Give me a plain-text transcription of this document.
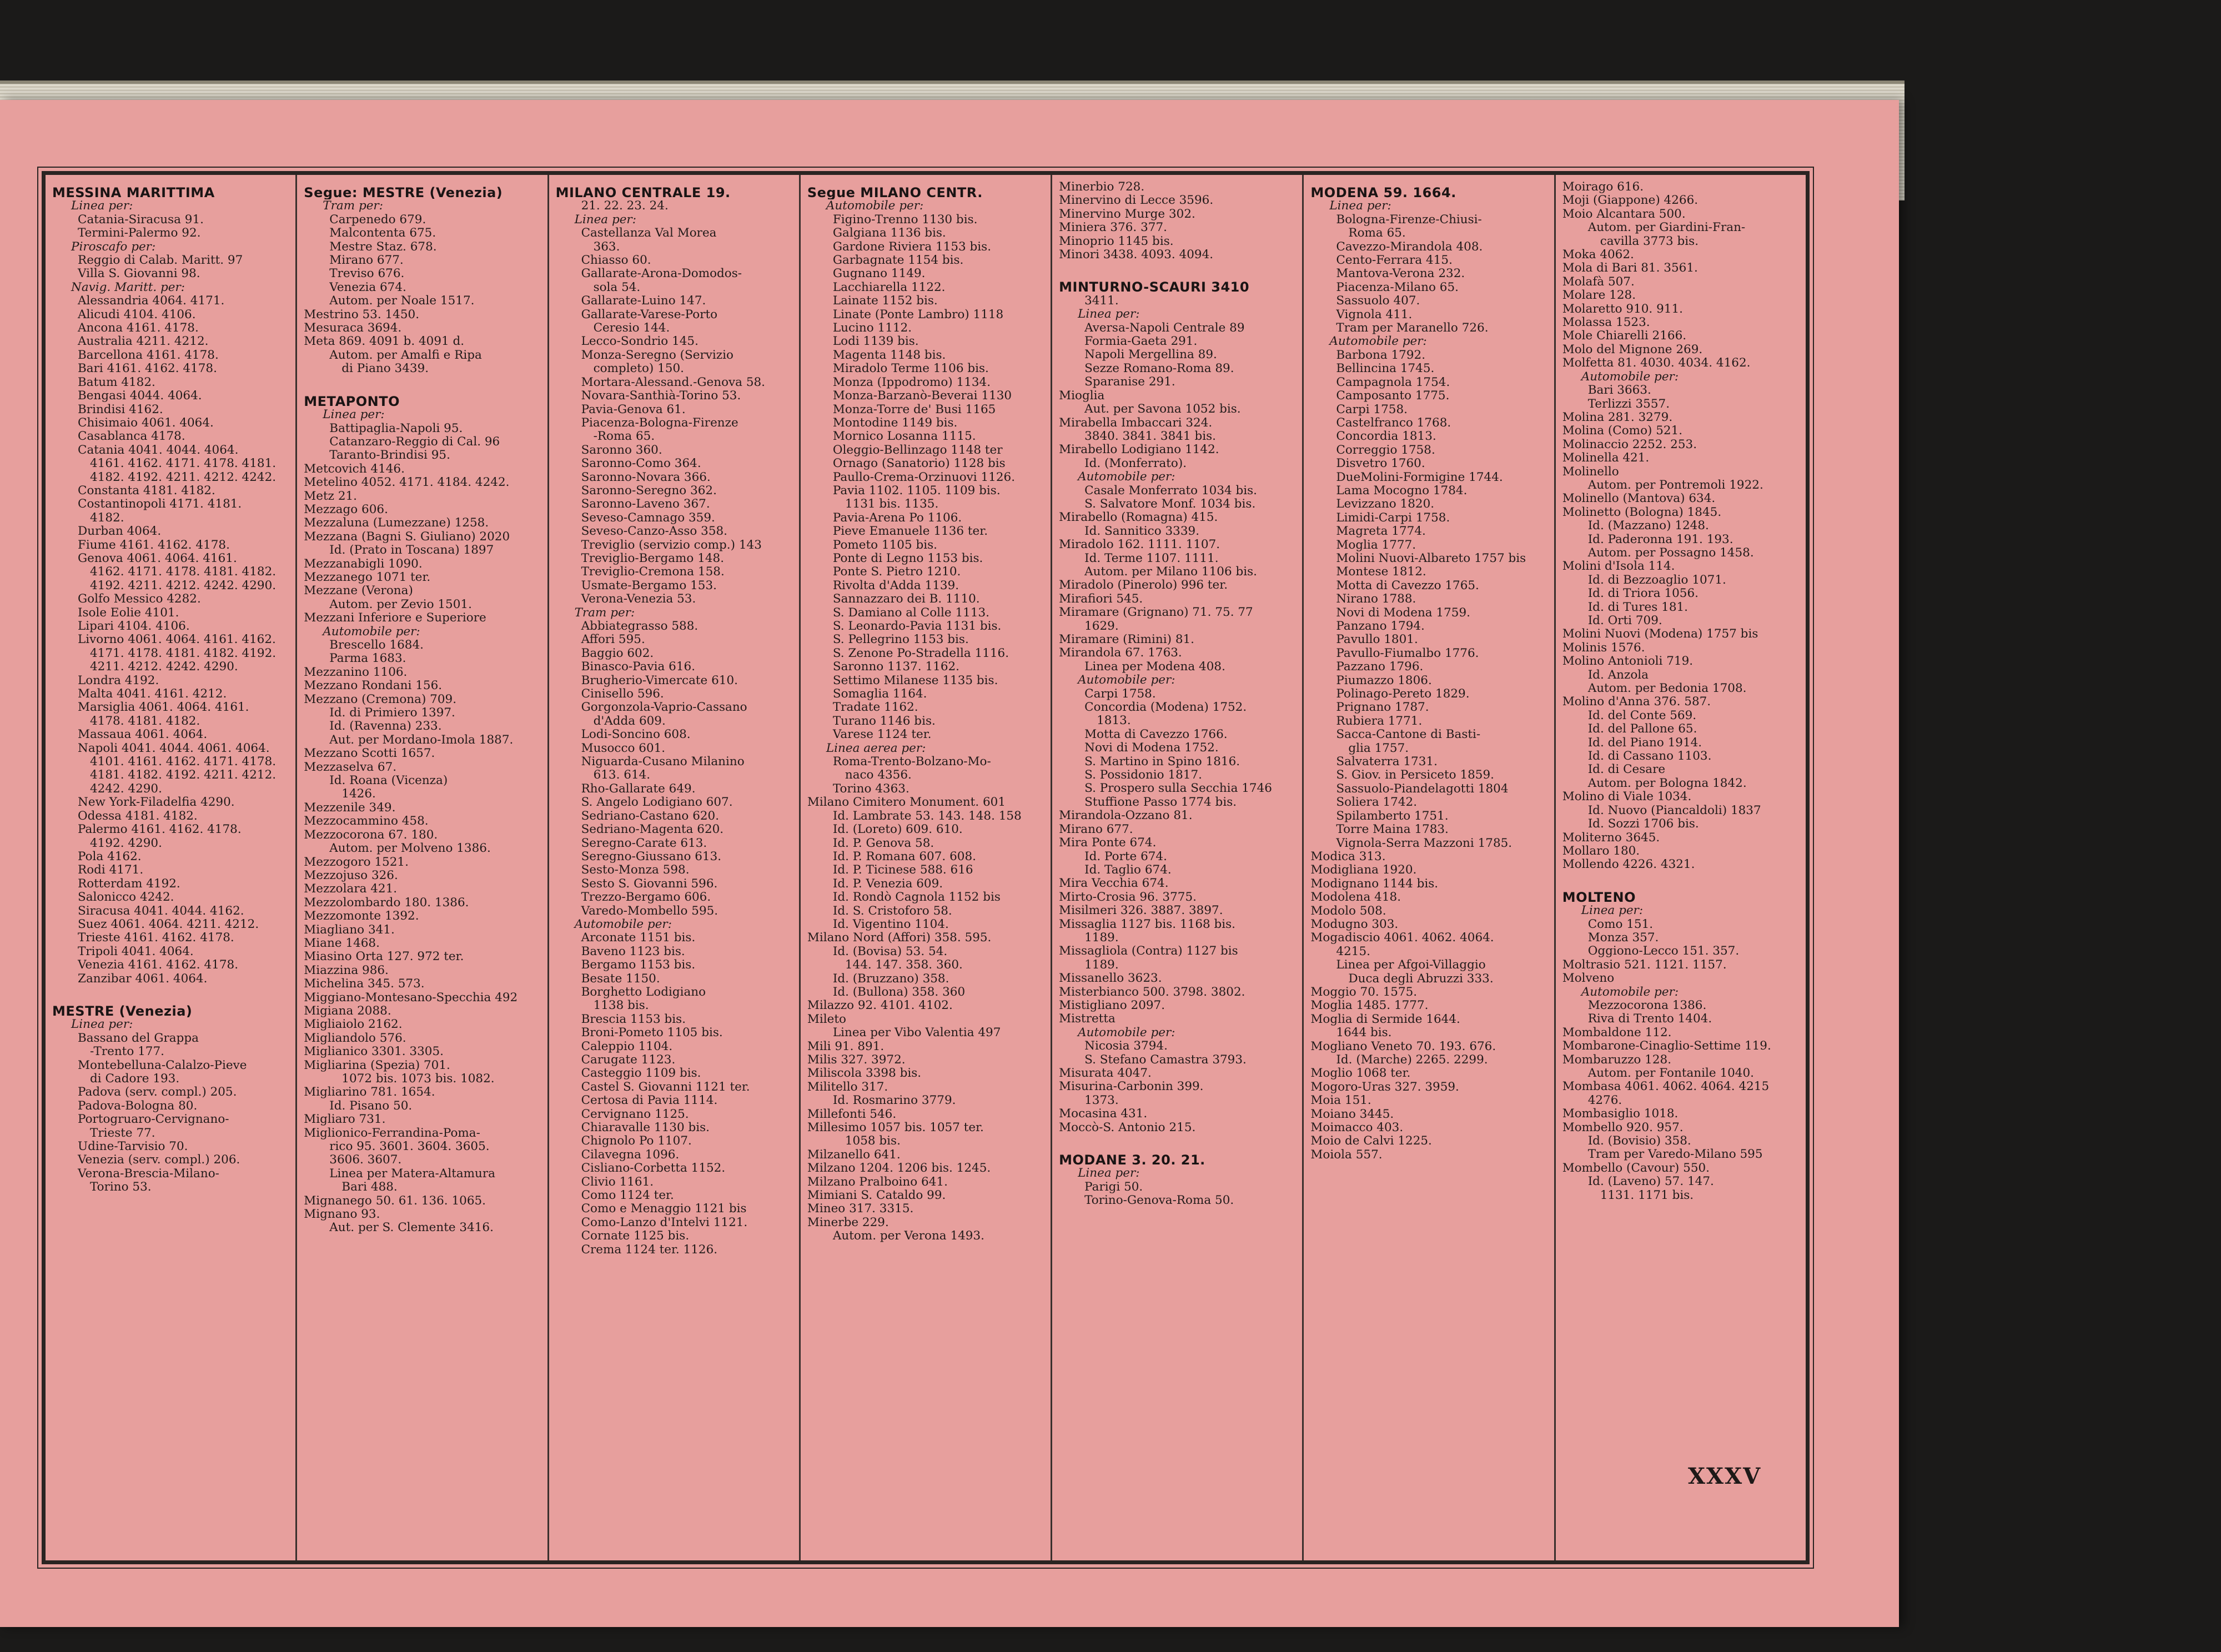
MESSINA MARITTIMA
Linea per:
Catania-Siracusa 91.
Termini-Palermo 92.
Piroscafo per:
Reggio di Calab. Maritt. 97
Villa S. Giovanni 98.
Navig. Maritt. per:
Alessandria 4064. 4171.
Alicudi 4104. 4106.
Ancona 4161. 4178.
Australia 4211. 4212.
Barcellona 4161. 4178.
Bari 4161. 4162. 4178.
Batum 4182.
Bengasi 4044. 4064.
Brindisi 4162.
Chisimaio 4061. 4064.
Casablanca 4178.
Catania 4041. 4044. 4064.
4161. 4162. 4171. 4178. 4181.
4182. 4192. 4211. 4212. 4242.
Constanta 4181. 4182.
Costantinopoli 4171. 4181.
4182.
Durban 4064.
Fiume 4161. 4162. 4178.
Genova 4061. 4064. 4161.
4162. 4171. 4178. 4181. 4182.
4192. 4211. 4212. 4242. 4290.
Golfo Messico 4282.
Isole Eolie 4101.
Lipari 4104. 4106.
Livorno 4061. 4064. 4161. 4162.
4171. 4178. 4181. 4182. 4192.
4211. 4212. 4242. 4290.
Londra 4192.
Malta 4041. 4161. 4212.
Marsiglia 4061. 4064. 4161.
4178. 4181. 4182.
Massaua 4061. 4064.
Napoli 4041. 4044. 4061. 4064.
4101. 4161. 4162. 4171. 4178.
4181. 4182. 4192. 4211. 4212.
4242. 4290.
New York-Filadelfia 4290.
Odessa 4181. 4182.
Palermo 4161. 4162. 4178.
4192. 4290.
Pola 4162.
Rodi 4171.
Rotterdam 4192.
Salonicco 4242.
Siracusa 4041. 4044. 4162.
Suez 4061. 4064. 4211. 4212.
Trieste 4161. 4162. 4178.
Tripoli 4041. 4064.
Venezia 4161. 4162. 4178.
Zanzibar 4061. 4064.
MESTRE (Venezia)
Linea per:
Bassano del Grappa
-Trento 177.
Montebelluna-Calalzo-Pieve
di Cadore 193.
Padova (serv. compl.) 205.
Padova-Bologna 80.
Portogruaro-Cervignano-
Trieste 77.
Udine-Tarvisio 70.
Venezia (serv. compl.) 206.
Verona-Brescia-Milano-
Torino 53.
Segue: MESTRE (Venezia)
Tram per:
Carpenedo 679.
Malcontenta 675.
Mestre Staz. 678.
Mirano 677.
Treviso 676.
Venezia 674.
Autom. per Noale 1517.
Mestrino 53. 1450.
Mesuraca 3694.
Meta 869. 4091 b. 4091 d.
Autom. per Amalfi e Ripa
di Piano 3439.
METAPONTO
Linea per:
Battipaglia-Napoli 95.
Catanzaro-Reggio di Cal. 96
Taranto-Brindisi 95.
Metcovich 4146.
Metelino 4052. 4171. 4184. 4242.
Metz 21.
Mezzago 606.
Mezzaluna (Lumezzane) 1258.
Mezzana (Bagni S. Giuliano) 2020
Id. (Prato in Toscana) 1897
Mezzanabigli 1090.
Mezzanego 1071 ter.
Mezzane (Verona)
Autom. per Zevio 1501.
Mezzani Inferiore e Superiore
Automobile per:
Brescello 1684.
Parma 1683.
Mezzanino 1106.
Mezzano Rondani 156.
Mezzano (Cremona) 709.
Id. di Primiero 1397.
Id. (Ravenna) 233.
Aut. per Mordano-Imola 1887.
Mezzano Scotti 1657.
Mezzaselva 67.
Id. Roana (Vicenza)
1426.
Mezzenile 349.
Mezzocammino 458.
Mezzocorona 67. 180.
Autom. per Molveno 1386.
Mezzogoro 1521.
Mezzojuso 326.
Mezzolara 421.
Mezzolombardo 180. 1386.
Mezzomonte 1392.
Miagliano 341.
Miane 1468.
Miasino Orta 127. 972 ter.
Miazzina 986.
Michelina 345. 573.
Miggiano-Montesano-Specchia 492
Migiana 2088.
Migliaiolo 2162.
Migliandolo 576.
Miglianico 3301. 3305.
Migliarina (Spezia) 701.
1072 bis. 1073 bis. 1082.
Migliarino 781. 1654.
Id. Pisano 50.
Migliaro 731.
Miglionico-Ferrandina-Poma-
rico 95. 3601. 3604. 3605.
3606. 3607.
Linea per Matera-Altamura
Bari 488.
Mignanego 50. 61. 136. 1065.
Mignano 93.
Aut. per S. Clemente 3416.
MILANO CENTRALE 19.
21. 22. 23. 24.
Linea per:
Castellanza Val Morea
363.
Chiasso 60.
Gallarate-Arona-Domodos-
sola 54.
Gallarate-Luino 147.
Gallarate-Varese-Porto
Ceresio 144.
Lecco-Sondrio 145.
Monza-Seregno (Servizio
completo) 150.
Mortara-Alessand.-Genova 58.
Novara-Santhià-Torino 53.
Pavia-Genova 61.
Piacenza-Bologna-Firenze
-Roma 65.
Saronno 360.
Saronno-Como 364.
Saronno-Novara 366.
Saronno-Seregno 362.
Saronno-Laveno 367.
Seveso-Camnago 359.
Seveso-Canzo-Asso 358.
Treviglio (servizio comp.) 143
Treviglio-Bergamo 148.
Treviglio-Cremona 158.
Usmate-Bergamo 153.
Verona-Venezia 53.
Tram per:
Abbiategrasso 588.
Affori 595.
Baggio 602.
Binasco-Pavia 616.
Brugherio-Vimercate 610.
Cinisello 596.
Gorgonzola-Vaprio-Cassano
d'Adda 609.
Lodi-Soncino 608.
Musocco 601.
Niguarda-Cusano Milanino
613. 614.
Rho-Gallarate 649.
S. Angelo Lodigiano 607.
Sedriano-Castano 620.
Sedriano-Magenta 620.
Seregno-Carate 613.
Seregno-Giussano 613.
Sesto-Monza 598.
Sesto S. Giovanni 596.
Trezzo-Bergamo 606.
Varedo-Mombello 595.
Automobile per:
Arconate 1151 bis.
Baveno 1123 bis.
Bergamo 1153 bis.
Besate 1150.
Borghetto Lodigiano
1138 bis.
Brescia 1153 bis.
Broni-Pometo 1105 bis.
Caleppio 1104.
Carugate 1123.
Casteggio 1109 bis.
Castel S. Giovanni 1121 ter.
Certosa di Pavia 1114.
Cervignano 1125.
Chiaravalle 1130 bis.
Chignolo Po 1107.
Cilavegna 1096.
Cisliano-Corbetta 1152.
Clivio 1161.
Como 1124 ter.
Como e Menaggio 1121 bis
Como-Lanzo d'Intelvi 1121.
Cornate 1125 bis.
Crema 1124 ter. 1126.
Segue MILANO CENTR.
Automobile per:
Figino-Trenno 1130 bis.
Galgiana 1136 bis.
Gardone Riviera 1153 bis.
Garbagnate 1154 bis.
Gugnano 1149.
Lacchiarella 1122.
Lainate 1152 bis.
Linate (Ponte Lambro) 1118
Lucino 1112.
Lodi 1139 bis.
Magenta 1148 bis.
Miradolo Terme 1106 bis.
Monza (Ippodromo) 1134.
Monza-Barzanò-Beverai 1130
Monza-Torre de' Busi 1165
Montodine 1149 bis.
Mornico Losanna 1115.
Oleggio-Bellinzago 1148 ter
Ornago (Sanatorio) 1128 bis
Paullo-Crema-Orzinuovi 1126.
Pavia 1102. 1105. 1109 bis.
1131 bis. 1135.
Pavia-Arena Po 1106.
Pieve Emanuele 1136 ter.
Pometo 1105 bis.
Ponte di Legno 1153 bis.
Ponte S. Pietro 1210.
Rivolta d'Adda 1139.
Sannazzaro dei B. 1110.
S. Damiano al Colle 1113.
S. Leonardo-Pavia 1131 bis.
S. Pellegrino 1153 bis.
S. Zenone Po-Stradella 1116.
Saronno 1137. 1162.
Settimo Milanese 1135 bis.
Somaglia 1164.
Tradate 1162.
Turano 1146 bis.
Varese 1124 ter.
Linea aerea per:
Roma-Trento-Bolzano-Mo-
naco 4356.
Torino 4363.
Milano Cimitero Monument. 601
Id. Lambrate 53. 143. 148. 158
Id. (Loreto) 609. 610.
Id. P. Genova 58.
Id. P. Romana 607. 608.
Id. P. Ticinese 588. 616
Id. P. Venezia 609.
Id. Rondò Cagnola 1152 bis
Id. S. Cristoforo 58.
Id. Vigentino 1104.
Milano Nord (Affori) 358. 595.
Id. (Bovisa) 53. 54.
144. 147. 358. 360.
Id. (Bruzzano) 358.
Id. (Bullona) 358. 360
Milazzo 92. 4101. 4102.
Mileto
Linea per Vibo Valentia 497
Mili 91. 891.
Milis 327. 3972.
Miliscola 3398 bis.
Militello 317.
Id. Rosmarino 3779.
Millefonti 546.
Millesimo 1057 bis. 1057 ter.
1058 bis.
Milzanello 641.
Milzano 1204. 1206 bis. 1245.
Milzano Pralboino 641.
Mimiani S. Cataldo 99.
Mineo 317. 3315.
Minerbe 229.
Autom. per Verona 1493.
Minerbio 728.
Minervino di Lecce 3596.
Minervino Murge 302.
Miniera 376. 377.
Minoprio 1145 bis.
Minori 3438. 4093. 4094.
MINTURNO-SCAURI 3410
3411.
Linea per:
Aversa-Napoli Centrale 89
Formia-Gaeta 291.
Napoli Mergellina 89.
Sezze Romano-Roma 89.
Sparanise 291.
Mioglia
Aut. per Savona 1052 bis.
Mirabella Imbaccari 324.
3840. 3841. 3841 bis.
Mirabello Lodigiano 1142.
Id. (Monferrato).
Automobile per:
Casale Monferrato 1034 bis.
S. Salvatore Monf. 1034 bis.
Mirabello (Romagna) 415.
Id. Sannitico 3339.
Miradolo 162. 1111. 1107.
Id. Terme 1107. 1111.
Autom. per Milano 1106 bis.
Miradolo (Pinerolo) 996 ter.
Mirafiori 545.
Miramare (Grignano) 71. 75. 77
1629.
Miramare (Rimini) 81.
Mirandola 67. 1763.
Linea per Modena 408.
Automobile per:
Carpi 1758.
Concordia (Modena) 1752.
1813.
Motta di Cavezzo 1766.
Novi di Modena 1752.
S. Martino in Spino 1816.
S. Possidonio 1817.
S. Prospero sulla Secchia 1746
Stuffione Passo 1774 bis.
Mirandola-Ozzano 81.
Mirano 677.
Mira Ponte 674.
Id. Porte 674.
Id. Taglio 674.
Mira Vecchia 674.
Mirto-Crosia 96. 3775.
Misilmeri 326. 3887. 3897.
Missaglia 1127 bis. 1168 bis.
1189.
Missagliola (Contra) 1127 bis
1189.
Missanello 3623.
Misterbianco 500. 3798. 3802.
Mistigliano 2097.
Mistretta
Automobile per:
Nicosia 3794.
S. Stefano Camastra 3793.
Misurata 4047.
Misurina-Carbonin 399.
1373.
Mocasina 431.
Moccò-S. Antonio 215.
MODANE 3. 20. 21.
Linea per:
Parigi 50.
Torino-Genova-Roma 50.
MODENA 59. 1664.
Linea per:
Bologna-Firenze-Chiusi-
Roma 65.
Cavezzo-Mirandola 408.
Cento-Ferrara 415.
Mantova-Verona 232.
Piacenza-Milano 65.
Sassuolo 407.
Vignola 411.
Tram per Maranello 726.
Automobile per:
Barbona 1792.
Bellincina 1745.
Campagnola 1754.
Camposanto 1775.
Carpi 1758.
Castelfranco 1768.
Concordia 1813.
Correggio 1758.
Disvetro 1760.
DueMolini-Formigine 1744.
Lama Mocogno 1784.
Levizzano 1820.
Limidi-Carpi 1758.
Magreta 1774.
Moglia 1777.
Molini Nuovi-Albareto 1757 bis
Montese 1812.
Motta di Cavezzo 1765.
Nirano 1788.
Novi di Modena 1759.
Panzano 1794.
Pavullo 1801.
Pavullo-Fiumalbo 1776.
Pazzano 1796.
Piumazzo 1806.
Polinago-Pereto 1829.
Prignano 1787.
Rubiera 1771.
Sacca-Cantone di Basti-
glia 1757.
Salvaterra 1731.
S. Giov. in Persiceto 1859.
Sassuolo-Piandelagotti 1804
Soliera 1742.
Spilamberto 1751.
Torre Maina 1783.
Vignola-Serra Mazzoni 1785.
Modica 313.
Modigliana 1920.
Modignano 1144 bis.
Modolena 418.
Modolo 508.
Modugno 303.
Mogadiscio 4061. 4062. 4064.
4215.
Linea per Afgoi-Villaggio
Duca degli Abruzzi 333.
Moggio 70. 1575.
Moglia 1485. 1777.
Moglia di Sermide 1644.
1644 bis.
Mogliano Veneto 70. 193. 676.
Id. (Marche) 2265. 2299.
Moglio 1068 ter.
Mogoro-Uras 327. 3959.
Moia 151.
Moiano 3445.
Moimacco 403.
Moio de Calvi 1225.
Moiola 557.
Moirago 616.
Moji (Giappone) 4266.
Moio Alcantara 500.
Autom. per Giardini-Fran-
cavilla 3773 bis.
Moka 4062.
Mola di Bari 81. 3561.
Molafà 507.
Molare 128.
Molaretto 910. 911.
Molassa 1523.
Mole Chiarelli 2166.
Molo del Mignone 269.
Molfetta 81. 4030. 4034. 4162.
Automobile per:
Bari 3663.
Terlizzi 3557.
Molina 281. 3279.
Molina (Como) 521.
Molinaccio 2252. 253.
Molinella 421.
Molinello
Autom. per Pontremoli 1922.
Molinello (Mantova) 634.
Molinetto (Bologna) 1845.
Id. (Mazzano) 1248.
Id. Paderonna 191. 193.
Autom. per Possagno 1458.
Molini d'Isola 114.
Id. di Bezzoaglio 1071.
Id. di Triora 1056.
Id. di Tures 181.
Id. Orti 709.
Molini Nuovi (Modena) 1757 bis
Molinis 1576.
Molino Antonioli 719.
Id. Anzola
Autom. per Bedonia 1708.
Molino d'Anna 376. 587.
Id. del Conte 569.
Id. del Pallone 65.
Id. del Piano 1914.
Id. di Cassano 1103.
Id. di Cesare
Autom. per Bologna 1842.
Molino di Viale 1034.
Id. Nuovo (Piancaldoli) 1837
Id. Sozzi 1706 bis.
Moliterno 3645.
Mollaro 180.
Mollendo 4226. 4321.
MOLTENO
Linea per:
Como 151.
Monza 357.
Oggiono-Lecco 151. 357.
Moltrasio 521. 1121. 1157.
Molveno
Automobile per:
Mezzocorona 1386.
Riva di Trento 1404.
Mombaldone 112.
Mombarone-Cinaglio-Settime 119.
Mombaruzzo 128.
Autom. per Fontanile 1040.
Mombasa 4061. 4062. 4064. 4215
4276.
Mombasiglio 1018.
Mombello 920. 957.
Id. (Bovisio) 358.
Tram per Varedo-Milano 595
Mombello (Cavour) 550.
Id. (Laveno) 57. 147.
1131. 1171 bis.
XXXV
